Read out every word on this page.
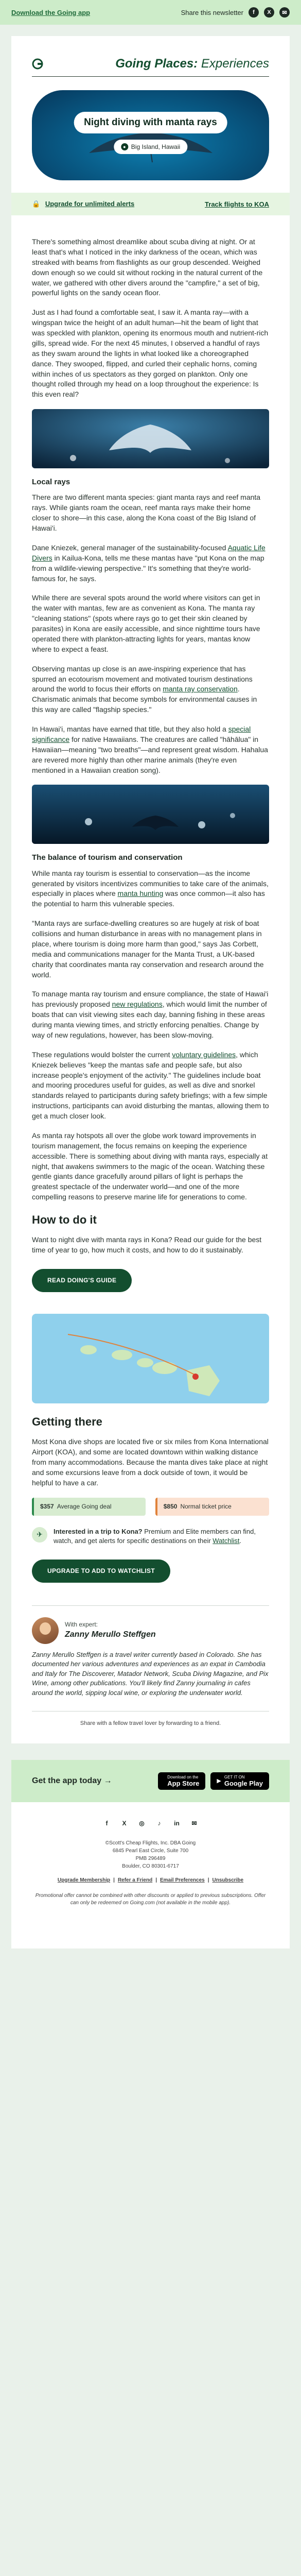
Download the Going app	Share this newsletter	f	X	✉
Going Places: Experiences
Night diving with manta rays
● Big Island, Hawaii
🔒 Upgrade for unlimited alerts	Track flights to KOA

There's something almost dreamlike about scuba diving at night. Or at least that's what I noticed in the inky darkness of the ocean, which was streaked with beams from flashlights as our group descended. Weighed down enough so we could sit without rocking in the natural current of the water, we gathered with other divers around the "campfire," a set of big, powerful lights on the sandy ocean floor.

Just as I had found a comfortable seat, I saw it. A manta ray—with a wingspan twice the height of an adult human—hit the beam of light that was speckled with plankton, opening its enormous mouth and nutrient-rich gills, spread wide. For the next 45 minutes, I observed a handful of rays as they swam around the lights in what looked like a choreographed dance. They swooped, flipped, and curled their cephalic horns, coming within inches of us spectators as they gorged on plankton. Only one thought rolled through my head on a loop throughout the experience: Is this even real?

Local rays

There are two different manta species: giant manta rays and reef manta rays. While giants roam the ocean, reef manta rays make their home closer to shore—in this case, along the Kona coast of the Big Island of Hawai'i.

Dane Kniezek, general manager of the sustainability-focused Aquatic Life Divers in Kailua-Kona, tells me these mantas have "put Kona on the map from a wildlife-viewing perspective." It's something that they're world-famous for, he says.

While there are several spots around the world where visitors can get in the water with mantas, few are as convenient as Kona. The manta ray "cleaning stations" (spots where rays go to get their skin cleaned by parasites) in Kona are easily accessible, and since nighttime tours have operated there with plankton-attracting lights for years, mantas know where to expect a feast.

Observing mantas up close is an awe-inspiring experience that has spurred an ecotourism movement and motivated tourism destinations around the world to focus their efforts on manta ray conservation. Charismatic animals that become symbols for environmental causes in this way are called "flagship species."

In Hawai'i, mantas have earned that title, but they also hold a special significance for native Hawaiians. The creatures are called "hāhālua" in Hawaiian—meaning "two breaths"—and represent great wisdom. Hahalua are revered more highly than other marine animals (they're even mentioned in a Hawaiian creation song).

The balance of tourism and conservation

While manta ray tourism is essential to conservation—as the income generated by visitors incentivizes communities to take care of the animals, especially in places where manta hunting was once common—it also has the potential to harm this vulnerable species.

"Manta rays are surface-dwelling creatures so are hugely at risk of boat collisions and human disturbance in areas with no management plans in place, where tourism is doing more harm than good," says Jas Corbett, media and communications manager for the Manta Trust, a UK-based charity that coordinates manta ray conservation and research around the world.

To manage manta ray tourism and ensure compliance, the state of Hawai'i has previously proposed new regulations, which would limit the number of boats that can visit viewing sites each day, banning fishing in these areas during manta viewing times, and strictly enforcing penalties. Change by way of new regulations, however, has been slow-moving.

These regulations would bolster the current voluntary guidelines, which Kniezek believes "keep the mantas safe and people safe, but also increase people's enjoyment of the activity." The guidelines include boat and mooring procedures useful for guides, as well as dive and snorkel standards relayed to participants during safety briefings; with a few simple instructions, participants can avoid disturbing the mantas, allowing them to get a much closer look.

As manta ray hotspots all over the globe work toward improvements in tourism management, the focus remains on keeping the experience accessible. There is something about diving with manta rays, especially at night, that awakens swimmers to the magic of the ocean. Watching these gentle giants dance gracefully around pillars of light is perhaps the greatest spectacle of the underwater world—and one of the more compelling reasons to preserve marine life for generations to come.

How to do it

Want to night dive with manta rays in Kona? Read our guide for the best time of year to go, how much it costs, and how to do it sustainably.

READ DOING'S GUIDE
Getting there

Most Kona dive shops are located five or six miles from Kona International Airport (KOA), and some are located downtown within walking distance from many accommodations. Because the manta dives take place at night and some excursions leave from a dock outside of town, it would be helpful to have a car.

$357 Average Going deal	$850 Normal ticket price
✈	Interested in a trip to Kona? Premium and Elite members can find, watch, and get alerts for specific destinations on their Watchlist.

UPGRADE TO ADD TO WATCHLIST
With expert:
Zanny Merullo Steffgen

Zanny Merullo Steffgen is a travel writer currently based in Colorado. She has documented her various adventures and experiences as an expat in Cambodia and Italy for The Discoverer, Matador Network, Scuba Diving Magazine, and Pix Wine, among other publications. You'll likely find Zanny journaling in cafes around the world, sipping local wine, or exploring the underwater world.

Share with a fellow travel lover by forwarding to a friend.
Get the app today →	Download on the
App Store	▶
GET IT ON
Google Play
f	X	◎	♪	in	✉
©Scott's Cheap Flights, Inc. DBA Going
6845 Pearl East Circle, Suite 700
PMB 296489
Boulder, CO 80301-6717
Upgrade Membership | Refer a Friend | Email Preferences | Unsubscribe
Promotional offer cannot be combined with other discounts or applied to previous subscriptions. Offer can only be redeemed on Going.com (not available in the mobile app).
